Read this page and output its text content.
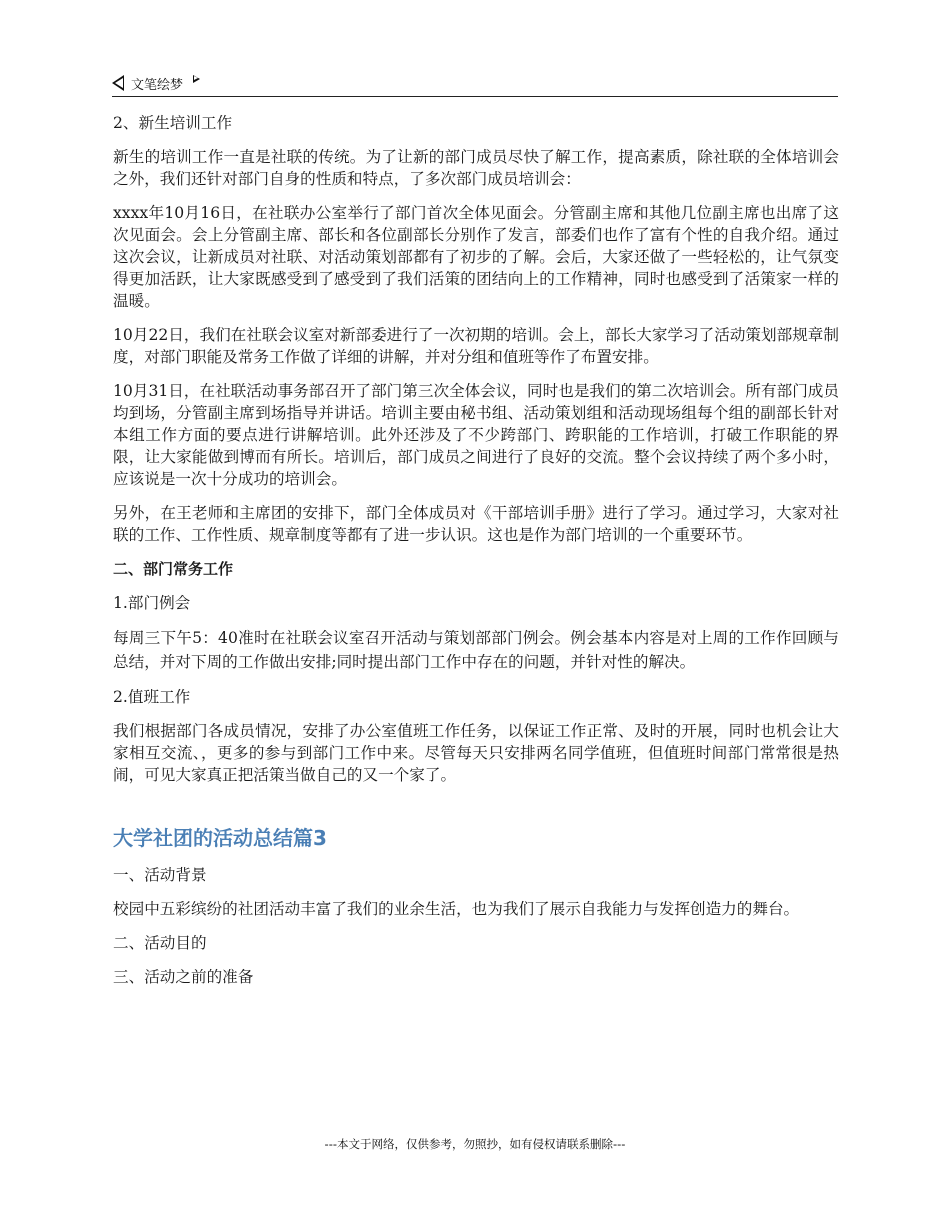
文笔绘梦

2、新生培训工作

新生的培训工作一直是社联的传统。为了让新的部门成员尽快了解工作，提高素质，除社联的全体培训会之外，我们还针对部门自身的性质和特点，了多次部门成员培训会：

xxxx年10月16日，在社联办公室举行了部门首次全体见面会。分管副主席和其他几位副主席也出席了这次见面会。会上分管副主席、部长和各位副部长分别作了发言，部委们也作了富有个性的自我介绍。通过这次会议，让新成员对社联、对活动策划部都有了初步的了解。会后，大家还做了一些轻松的，让气氛变得更加活跃，让大家既感受到了感受到了我们活策的团结向上的工作精神，同时也感受到了活策家一样的温暖。

10月22日，我们在社联会议室对新部委进行了一次初期的培训。会上，部长大家学习了活动策划部规章制度，对部门职能及常务工作做了详细的讲解，并对分组和值班等作了布置安排。

10月31日，在社联活动事务部召开了部门第三次全体会议，同时也是我们的第二次培训会。所有部门成员均到场，分管副主席到场指导并讲话。培训主要由秘书组、活动策划组和活动现场组每个组的副部长针对本组工作方面的要点进行讲解培训。此外还涉及了不少跨部门、跨职能的工作培训，打破工作职能的界限，让大家能做到博而有所长。培训后，部门成员之间进行了良好的交流。整个会议持续了两个多小时，应该说是一次十分成功的培训会。

另外，在王老师和主席团的安排下，部门全体成员对《干部培训手册》进行了学习。通过学习，大家对社联的工作、工作性质、规章制度等都有了进一步认识。这也是作为部门培训的一个重要环节。

二、部门常务工作

1.部门例会

每周三下午5：40准时在社联会议室召开活动与策划部部门例会。例会基本内容是对上周的工作作回顾与总结，并对下周的工作做出安排;同时提出部门工作中存在的问题，并针对性的解决。

2.值班工作

我们根据部门各成员情况，安排了办公室值班工作任务，以保证工作正常、及时的开展，同时也机会让大家相互交流、，更多的参与到部门工作中来。尽管每天只安排两名同学值班，但值班时间部门常常很是热闹，可见大家真正把活策当做自己的又一个家了。

大学社团的活动总结篇3

一、活动背景

校园中五彩缤纷的社团活动丰富了我们的业余生活，也为我们了展示自我能力与发挥创造力的舞台。

二、活动目的

三、活动之前的准备

---本文于网络，仅供参考，勿照抄，如有侵权请联系删除---
